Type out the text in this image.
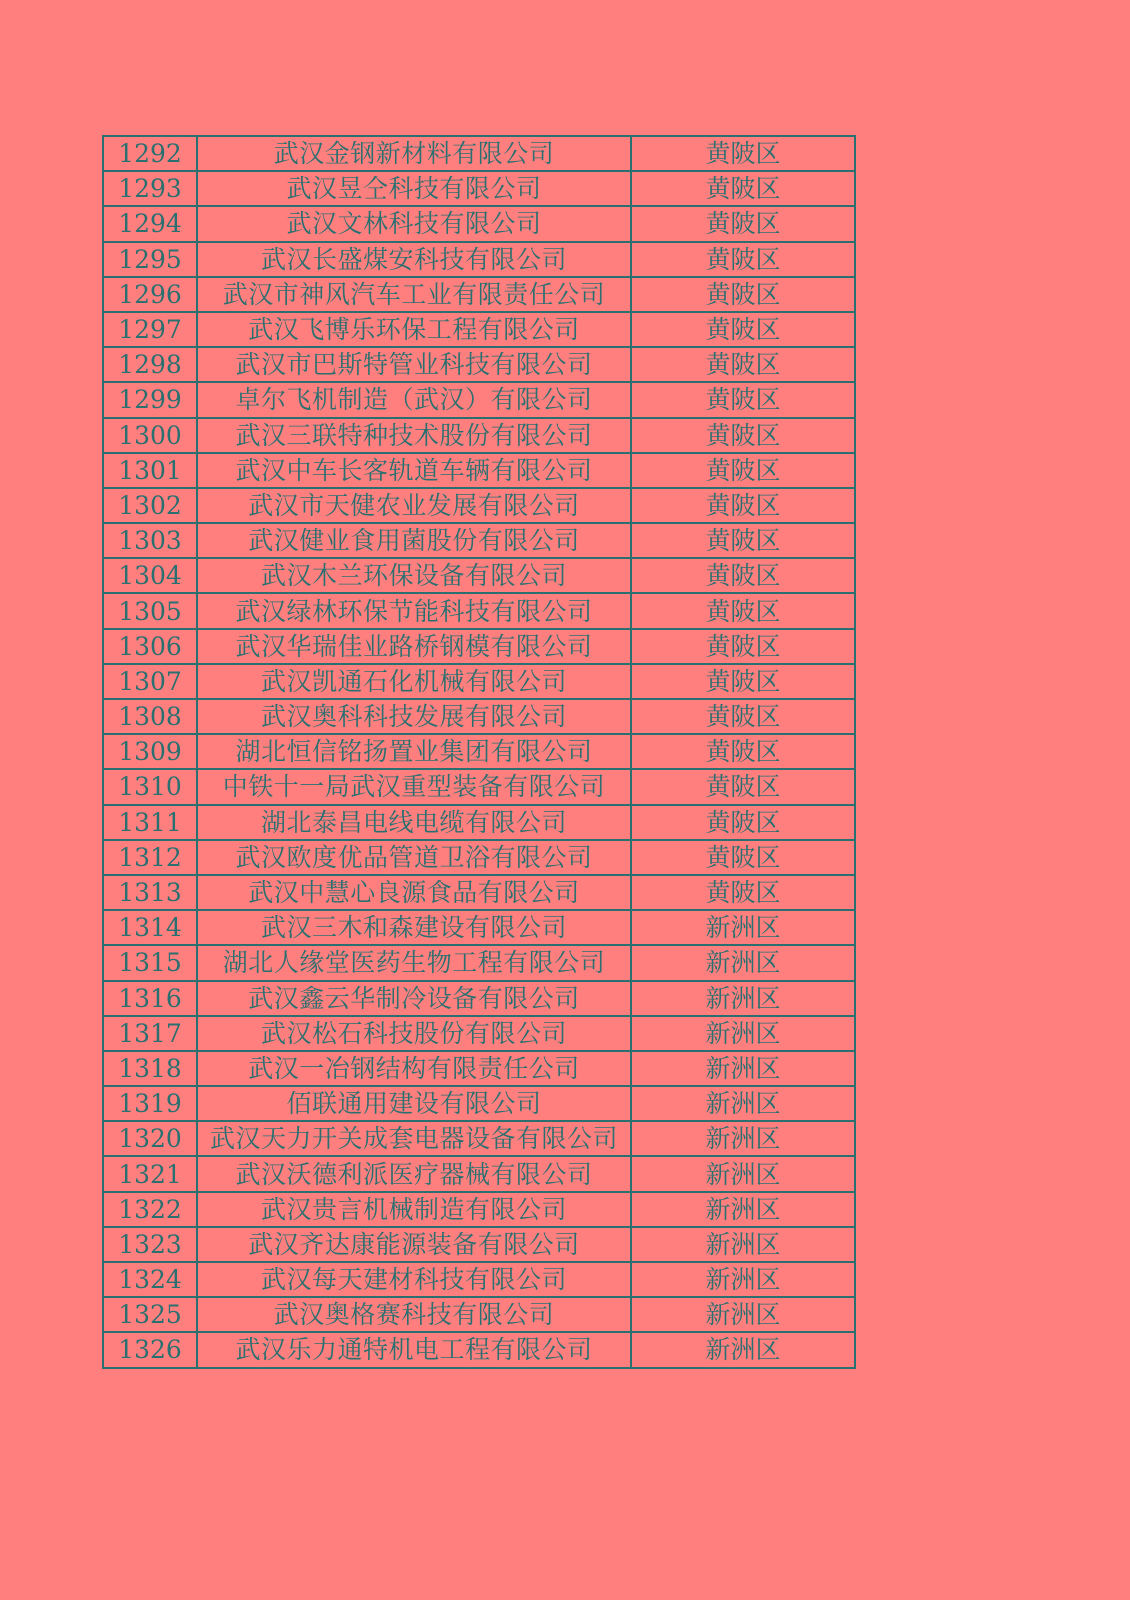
1292	武汉金钢新材料有限公司	黄陂区
1293	武汉昱仝科技有限公司	黄陂区
1294	武汉文林科技有限公司	黄陂区
1295	武汉长盛煤安科技有限公司	黄陂区
1296	武汉市神风汽车工业有限责任公司	黄陂区
1297	武汉飞博乐环保工程有限公司	黄陂区
1298	武汉市巴斯特管业科技有限公司	黄陂区
1299	卓尔飞机制造（武汉）有限公司	黄陂区
1300	武汉三联特种技术股份有限公司	黄陂区
1301	武汉中车长客轨道车辆有限公司	黄陂区
1302	武汉市天健农业发展有限公司	黄陂区
1303	武汉健业食用菌股份有限公司	黄陂区
1304	武汉木兰环保设备有限公司	黄陂区
1305	武汉绿林环保节能科技有限公司	黄陂区
1306	武汉华瑞佳业路桥钢模有限公司	黄陂区
1307	武汉凯通石化机械有限公司	黄陂区
1308	武汉奥科科技发展有限公司	黄陂区
1309	湖北恒信铭扬置业集团有限公司	黄陂区
1310	中铁十一局武汉重型装备有限公司	黄陂区
1311	湖北泰昌电线电缆有限公司	黄陂区
1312	武汉欧度优品管道卫浴有限公司	黄陂区
1313	武汉中慧心良源食品有限公司	黄陂区
1314	武汉三木和森建设有限公司	新洲区
1315	湖北人缘堂医药生物工程有限公司	新洲区
1316	武汉鑫云华制冷设备有限公司	新洲区
1317	武汉松石科技股份有限公司	新洲区
1318	武汉一冶钢结构有限责任公司	新洲区
1319	佰联通用建设有限公司	新洲区
1320	武汉天力开关成套电器设备有限公司	新洲区
1321	武汉沃德利派医疗器械有限公司	新洲区
1322	武汉贵言机械制造有限公司	新洲区
1323	武汉齐达康能源装备有限公司	新洲区
1324	武汉每天建材科技有限公司	新洲区
1325	武汉奥格赛科技有限公司	新洲区
1326	武汉乐力通特机电工程有限公司	新洲区
